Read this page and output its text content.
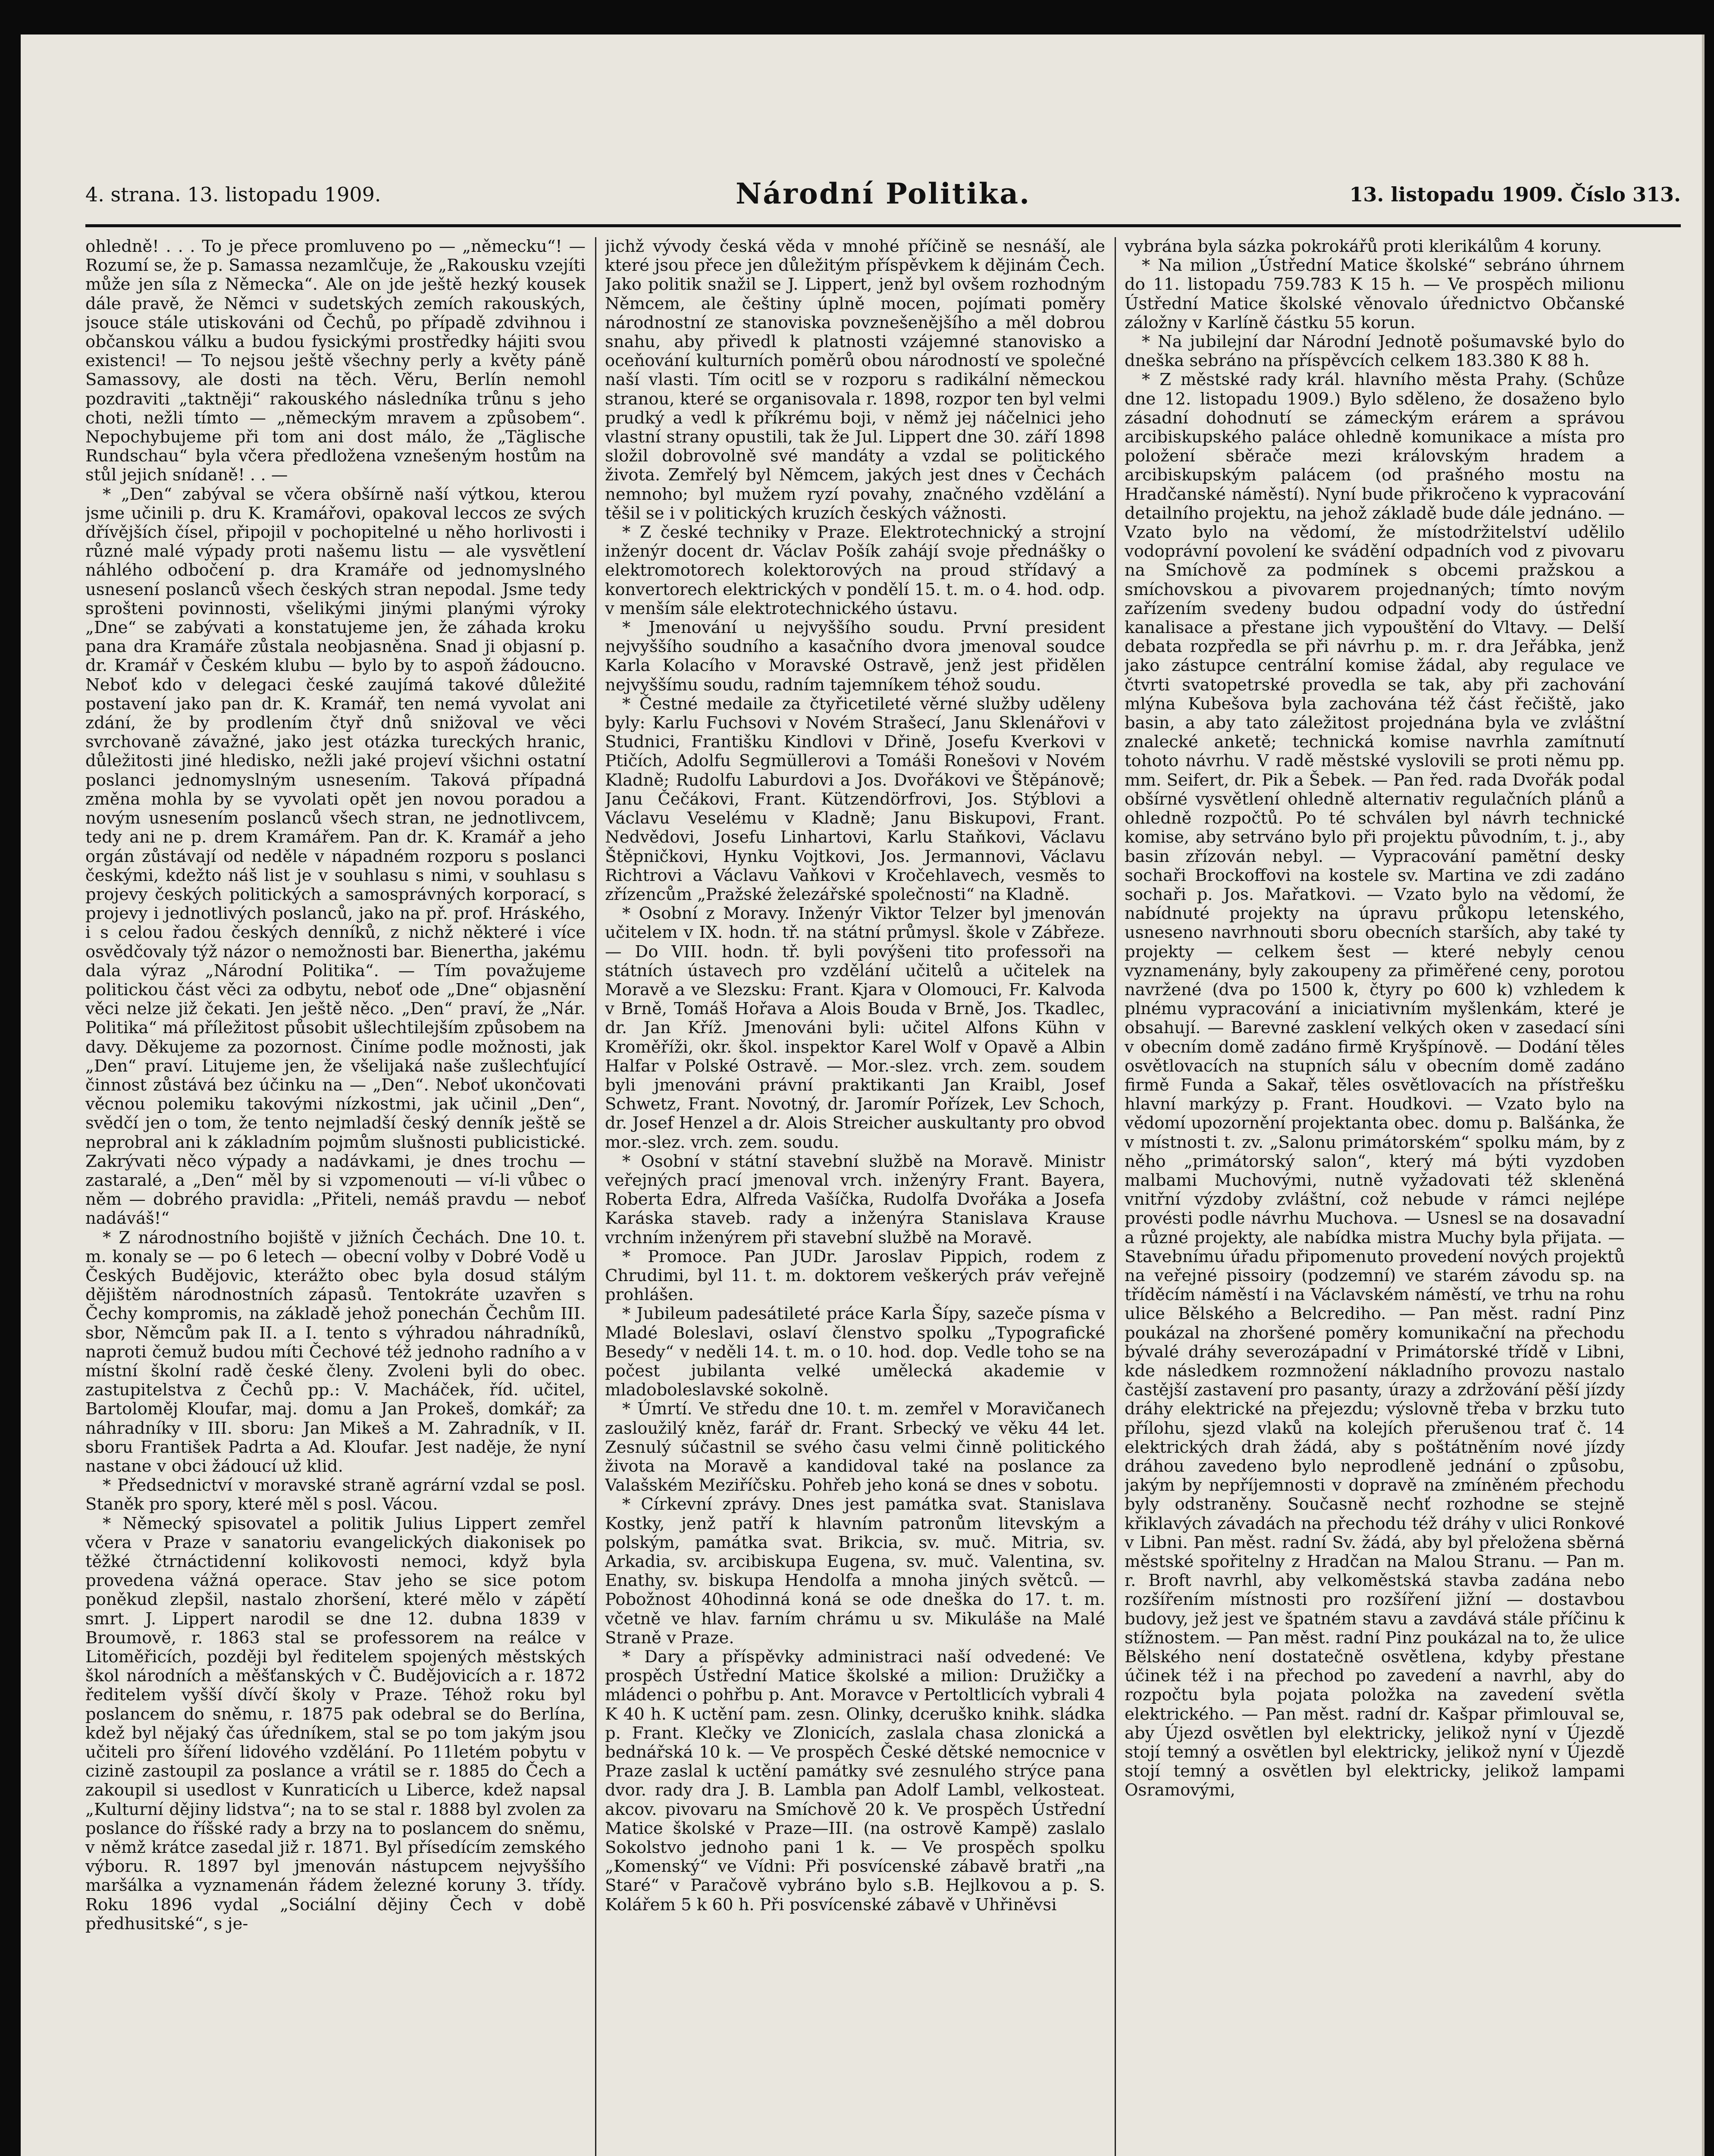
4. strana. 13. listopadu 1909.	Národní Politika.	13. listopadu 1909. Číslo 313.

ohledně! . . . To je přece promluveno po — „německu“! — Rozumí se, že p. Samassa nezamlčuje, že „Rakousku vzejíti může jen síla z Německa“. Ale on jde ještě hezký kousek dále pravě, že Němci v sudetských zemích rakouských, jsouce stále utiskováni od Čechů, po případě zdvihnou i občanskou válku a budou fysickými prostředky hájiti svou existenci! — To nejsou ještě všechny perly a květy páně Samassovy, ale dosti na těch. Věru, Berlín nemohl pozdraviti „taktněji“ rakouského následníka trůnu s jeho choti, nežli tímto — „německým mravem a způsobem“. Nepochybujeme při tom ani dost málo, že „Täglische Rundschau“ byla včera předložena vznešeným hostům na stůl jejich snídaně! . . —

* „Den“ zabýval se včera obšírně naší výtkou, kterou jsme učinili p. dru K. Kramářovi, opakoval leccos ze svých dřívějších čísel, připojil v pochopitelné u něho horlivosti i různé malé výpady proti našemu listu — ale vysvětlení náhlého odbočení p. dra Kramáře od jednomyslného usnesení poslanců všech českých stran nepodal. Jsme tedy sprošteni povinnosti, všelikými jinými planými výroky „Dne“ se zabývati a konstatujeme jen, že záhada kroku pana dra Kramáře zůstala neobjasněna. Snad ji objasní p. dr. Kramář v Českém klubu — bylo by to aspoň žádoucno. Neboť kdo v delegaci české zaujímá takové důležité postavení jako pan dr. K. Kramář, ten nemá vyvolat ani zdání, že by prodlením čtyř dnů snižoval ve věci svrchovaně závažné, jako jest otázka tureckých hranic, důležitosti jiné hledisko, nežli jaké projeví všichni ostatní poslanci jednomyslným usnesením. Taková případná změna mohla by se vyvolati opět jen novou poradou a novým usnesením poslanců všech stran, ne jednotlivcem, tedy ani ne p. drem Kramářem. Pan dr. K. Kramář a jeho orgán zůstávají od neděle v nápadném rozporu s poslanci českými, kdežto náš list je v souhlasu s nimi, v souhlasu s projevy českých politických a samosprávných korporací, s projevy i jednotlivých poslanců, jako na př. prof. Hráského, i s celou řadou českých denníků, z nichž některé i více osvědčovaly týž názor o nemožnosti bar. Bienertha, jakému dala výraz „Národní Politika“. — Tím považujeme politickou část věci za odbytu, neboť ode „Dne“ objasnění věci nelze již čekati. Jen ještě něco. „Den“ praví, že „Nár. Politika“ má příležitost působit ušlechtilejším způsobem na davy. Děkujeme za pozornost. Činíme podle možnosti, jak „Den“ praví. Litujeme jen, že všelijaká naše zušlechťující činnost zůstává bez účinku na — „Den“. Neboť ukončovati věcnou polemiku takovými nízkostmi, jak učinil „Den“, svědčí jen o tom, že tento nejmladší český denník ještě se neprobral ani k základním pojmům slušnosti publicistické. Zakrývati něco výpady a nadávkami, je dnes trochu — zastaralé, a „Den“ měl by si vzpomenouti — ví-li vůbec o něm — dobrého pravidla: „Přiteli, nemáš pravdu — neboť nadáváš!“

* Z národnostního bojiště v jižních Čechách. Dne 10. t. m. konaly se — po 6 letech — obecní volby v Dobré Vodě u Českých Budějovic, kterážto obec byla dosud stálým dějištěm národnostních zápasů. Tentokráte uzavřen s Čechy kompromis, na základě jehož ponechán Čechům III. sbor, Němcům pak II. a I. tento s výhradou náhradníků, naproti čemuž budou míti Čechové též jednoho radního a v místní školní radě české členy. Zvoleni byli do obec. zastupitelstva z Čechů pp.: V. Macháček, říd. učitel, Bartoloměj Kloufar, maj. domu a Jan Prokeš, domkář; za náhradníky v III. sboru: Jan Mikeš a M. Zahradník, v II. sboru František Padrta a Ad. Kloufar. Jest naděje, že nyní nastane v obci žádoucí už klid.

* Předsednictví v moravské straně agrární vzdal se posl. Staněk pro spory, které měl s posl. Vácou.

* Německý spisovatel a politik Julius Lippert zemřel včera v Praze v sanatoriu evangelických diakonisek po těžké čtrnáctidenní kolikovosti nemoci, když byla provedena vážná operace. Stav jeho se sice potom poněkud zlepšil, nastalo zhoršení, které mělo v zápětí smrt. J. Lippert narodil se dne 12. dubna 1839 v Broumově, r. 1863 stal se professorem na reálce v Litoměřicích, později byl ředitelem spojených městských škol národních a měšťanských v Č. Budějovicích a r. 1872 ředitelem vyšší dívčí školy v Praze. Téhož roku byl poslancem do sněmu, r. 1875 pak odebral se do Berlína, kdež byl nějaký čas úředníkem, stal se po tom jakým jsou učiteli pro šíření lidového vzdělání. Po 11letém pobytu v cizině zastoupil za poslance a vrátil se r. 1885 do Čech a zakoupil si usedlost v Kunraticích u Liberce, kdež napsal „Kulturní dějiny lidstva“; na to se stal r. 1888 byl zvolen za poslance do říšské rady a brzy na to poslancem do sněmu, v němž krátce zasedal již r. 1871. Byl přísedícím zemského výboru. R. 1897 byl jmenován nástupcem nejvyššího maršálka a vyznamenán řádem železné koruny 3. třídy. Roku 1896 vydal „Sociální dějiny Čech v době předhusitské“, s je-

jichž vývody česká věda v mnohé příčině se nesnáší, ale které jsou přece jen důležitým příspěvkem k dějinám Čech. Jako politik snažil se J. Lippert, jenž byl ovšem rozhodným Němcem, ale češtiny úplně mocen, pojímati poměry národnostní ze stanoviska povznešenějšího a měl dobrou snahu, aby přivedl k platnosti vzájemné stanovisko a oceňování kulturních poměrů obou národností ve společné naší vlasti. Tím ocitl se v rozporu s radikální německou stranou, které se organisovala r. 1898, rozpor ten byl velmi prudký a vedl k příkrému boji, v němž jej náčelnici jeho vlastní strany opustili, tak že Jul. Lippert dne 30. září 1898 složil dobrovolně své mandáty a vzdal se politického života. Zemřelý byl Němcem, jakých jest dnes v Čechách nemnoho; byl mužem ryzí povahy, značného vzdělání a těšil se i v politických kruzích českých vážnosti.

* Z české techniky v Praze. Elektrotechnický a strojní inženýr docent dr. Václav Pošík zahájí svoje přednášky o elektromotorech kolektorových na proud střídavý a konvertorech elektrických v pondělí 15. t. m. o 4. hod. odp. v menším sále elektrotechnického ústavu.

* Jmenování u nejvyššího soudu. První president nejvyššího soudního a kasačního dvora jmenoval soudce Karla Kolacího v Moravské Ostravě, jenž jest přidělen nejvyššímu soudu, radním tajemníkem téhož soudu.

* Čestné medaile za čtyřicetileté věrné služby uděleny byly: Karlu Fuchsovi v Novém Strašecí, Janu Sklenářovi v Studnici, Františku Kindlovi v Dřině, Josefu Kverkovi v Ptičích, Adolfu Segmüllerovi a Tomáši Ronešovi v Novém Kladně; Rudolfu Laburdovi a Jos. Dvořákovi ve Štěpánově; Janu Čečákovi, Frant. Kützendörfrovi, Jos. Stýblovi a Václavu Veselému v Kladně; Janu Biskupovi, Frant. Nedvědovi, Josefu Linhartovi, Karlu Staňkovi, Václavu Štěpničkovi, Hynku Vojtkovi, Jos. Jermannovi, Václavu Richtrovi a Václavu Vaňkovi v Kročehlavech, vesměs to zřízencům „Pražské železářské společnosti“ na Kladně.

* Osobní z Moravy. Inženýr Viktor Telzer byl jmenován učitelem v IX. hodn. tř. na státní průmysl. škole v Zábřeze. — Do VIII. hodn. tř. byli povýšeni tito professoři na státních ústavech pro vzdělání učitelů a učitelek na Moravě a ve Slezsku: Frant. Kjara v Olomouci, Fr. Kalvoda v Brně, Tomáš Hořava a Alois Bouda v Brně, Jos. Tkadlec, dr. Jan Kříž. Jmenováni byli: učitel Alfons Kühn v Kroměříži, okr. škol. inspektor Karel Wolf v Opavě a Albin Halfar v Polské Ostravě. — Mor.-slez. vrch. zem. soudem byli jmenováni právní praktikanti Jan Kraibl, Josef Schwetz, Frant. Novotný, dr. Jaromír Pořízek, Lev Schoch, dr. Josef Henzel a dr. Alois Streicher auskultanty pro obvod mor.-slez. vrch. zem. soudu.

* Osobní v státní stavební službě na Moravě. Ministr veřejných prací jmenoval vrch. inženýry Frant. Bayera, Roberta Edra, Alfreda Vašíčka, Rudolfa Dvořáka a Josefa Karáska staveb. rady a inženýra Stanislava Krause vrchním inženýrem při stavební službě na Moravě.

* Promoce. Pan JUDr. Jaroslav Pippich, rodem z Chrudimi, byl 11. t. m. doktorem veškerých práv veřejně prohlášen.

* Jubileum padesátileté práce Karla Šípy, sazeče písma v Mladé Boleslavi, oslaví členstvo spolku „Typografické Besedy“ v neděli 14. t. m. o 10. hod. dop. Vedle toho se na počest jubilanta velké umělecká akademie v mladoboleslavské sokolně.

* Úmrtí. Ve středu dne 10. t. m. zemřel v Moravičanech zasloužilý kněz, farář dr. Frant. Srbecký ve věku 44 let. Zesnulý súčastnil se svého času velmi činně politického života na Moravě a kandidoval také na poslance za Valašském Meziříčsku. Pohřeb jeho koná se dnes v sobotu.

* Církevní zprávy. Dnes jest památka svat. Stanislava Kostky, jenž patří k hlavním patronům litevským a polským, památka svat. Brikcia, sv. muč. Mitria, sv. Arkadia, sv. arcibiskupa Eugena, sv. muč. Valentina, sv. Enathy, sv. biskupa Hendolfa a mnoha jiných světců. — Pobožnost 40hodinná koná se ode dneška do 17. t. m. včetně ve hlav. farním chrámu u sv. Mikuláše na Malé Straně v Praze.

* Dary a příspěvky administraci naší odvedené: Ve prospěch Ústřední Matice školské a milion: Družičky a mládenci o pohřbu p. Ant. Moravce v Pertoltlicích vybrali 4 K 40 h. K uctění pam. zesn. Olinky, dceruško knihk. sládka p. Frant. Klečky ve Zlonicích, zaslala chasa zlonická a bednářská 10 k. — Ve prospěch České dětské nemocnice v Praze zaslal k uctění památky své zesnulého strýce pana dvor. rady dra J. B. Lambla pan Adolf Lambl, velkosteat. akcov. pivovaru na Smíchově 20 k. Ve prospěch Ústřední Matice školské v Praze—III. (na ostrově Kampě) zaslalo Sokolstvo jednoho pani 1 k. — Ve prospěch spolku „Komenský“ ve Vídni: Při posvícenské zábavě bratři „na Staré“ v Paračově vybráno bylo s.B. Hejlkovou a p. S. Kolářem 5 k 60 h. Při posvícenské zábavě v Uhřiněvsi

vybrána byla sázka pokrokářů proti klerikálům 4 koruny.

* Na milion „Ústřední Matice školské“ sebráno úhrnem do 11. listopadu 759.783 K 15 h. — Ve prospěch milionu Ústřední Matice školské věnovalo úřednictvo Občanské záložny v Karlíně částku 55 korun.

* Na jubilejní dar Národní Jednotě pošumavské bylo do dneška sebráno na příspěvcích celkem 183.380 K 88 h.

* Z městské rady král. hlavního města Prahy. (Schůze dne 12. listopadu 1909.) Bylo sděleno, že dosaženo bylo zásadní dohodnutí se zámeckým erárem a správou arcibiskupského paláce ohledně komunikace a místa pro položení sběrače mezi královským hradem a arcibiskupským palácem (od prašného mostu na Hradčanské náměstí). Nyní bude přikročeno k vypracování detailního projektu, na jehož základě bude dále jednáno. — Vzato bylo na vědomí, že místodržitelství udělilo vodoprávní povolení ke svádění odpadních vod z pivovaru na Smíchově za podmínek s obcemi pražskou a smíchovskou a pivovarem projednaných; tímto novým zařízením svedeny budou odpadní vody do ústřední kanalisace a přestane jich vypouštění do Vltavy. — Delší debata rozpředla se při návrhu p. m. r. dra Jeřábka, jenž jako zástupce centrální komise žádal, aby regulace ve čtvrti svatopetrské provedla se tak, aby při zachování mlýna Kubešova byla zachována též část řečiště, jako basin, a aby tato záležitost projednána byla ve zvláštní znalecké anketě; technická komise navrhla zamítnutí tohoto návrhu. V radě městské vyslovili se proti němu pp. mm. Seifert, dr. Pik a Šebek. — Pan řed. rada Dvořák podal obšírné vysvětlení ohledně alternativ regulačních plánů a ohledně rozpočtů. Po té schválen byl návrh technické komise, aby setrváno bylo při projektu původním, t. j., aby basin zřízován nebyl. — Vypracování pamětní desky sochaři Brockoffovi na kostele sv. Martina ve zdi zadáno sochaři p. Jos. Mařatkovi. — Vzato bylo na vědomí, že nabídnuté projekty na úpravu průkopu letenského, usneseno navrhnouti sboru obecních starších, aby také ty projekty — celkem šest — které nebyly cenou vyznamenány, byly zakoupeny za přiměřené ceny, porotou navržené (dva po 1500 k, čtyry po 600 k) vzhledem k plnému vypracování a iniciativním myšlenkám, které je obsahují. — Barevné zasklení velkých oken v zasedací síni v obecním domě zadáno firmě Kryšpínově. — Dodání těles osvětlovacích na stupních sálu v obecním domě zadáno firmě Funda a Sakař, těles osvětlovacích na přístřešku hlavní markýzy p. Frant. Houdkovi. — Vzato bylo na vědomí upozornění projektanta obec. domu p. Balšánka, že v místnosti t. zv. „Salonu primátorském“ spolku mám, by z něho „primátorský salon“, který má býti vyzdoben malbami Muchovými, nutně vyžadovati též skleněná vnitřní výzdoby zvláštní, což nebude v rámci nejlépe provésti podle návrhu Muchova. — Usnesl se na dosavadní a různé projekty, ale nabídka mistra Muchy byla přijata. — Stavebnímu úřadu připomenuto provedení nových projektů na veřejné pissoiry (podzemní) ve starém závodu sp. na tříděcím náměstí i na Václavském náměstí, ve trhu na rohu ulice Bělského a Belcrediho. — Pan měst. radní Pinz poukázal na zhoršené poměry komunikační na přechodu bývalé dráhy severozápadní v Primátorské třídě v Libni, kde následkem rozmnožení nákladního provozu nastalo častější zastavení pro pasanty, úrazy a zdržování pěší jízdy dráhy elektrické na přejezdu; výslovně třeba v brzku tuto přílohu, sjezd vlaků na kolejích přerušenou trať č. 14 elektrických drah žádá, aby s poštátněním nové jízdy dráhou zavedeno bylo neprodleně jednání o způsobu, jakým by nepříjemnosti v dopravě na zmíněném přechodu byly odstraněny. Současně nechť rozhodne se stejně křiklavých závadách na přechodu též dráhy v ulici Ronkové v Libni. Pan měst. radní Sv. žádá, aby byl přeložena sběrná městské spořitelny z Hradčan na Malou Stranu. — Pan m. r. Broft navrhl, aby velkoměstská stavba zadána nebo rozšířením místnosti pro rozšíření jižní — dostavbou budovy, jež jest ve špatném stavu a zavdává stále příčinu k stížnostem. — Pan měst. radní Pinz poukázal na to, že ulice Bělského není dostatečně osvětlena, kdyby přestane účinek též i na přechod po zavedení a navrhl, aby do rozpočtu byla pojata položka na zavedení světla elektrického. — Pan měst. radní dr. Kašpar přimlouval se, aby Újezd osvětlen byl elektricky, jelikož nyní v Újezdě stojí temný a osvětlen byl elektricky, jelikož nyní v Újezdě stojí temný a osvětlen byl elektricky, jelikož lampami Osramovými,
